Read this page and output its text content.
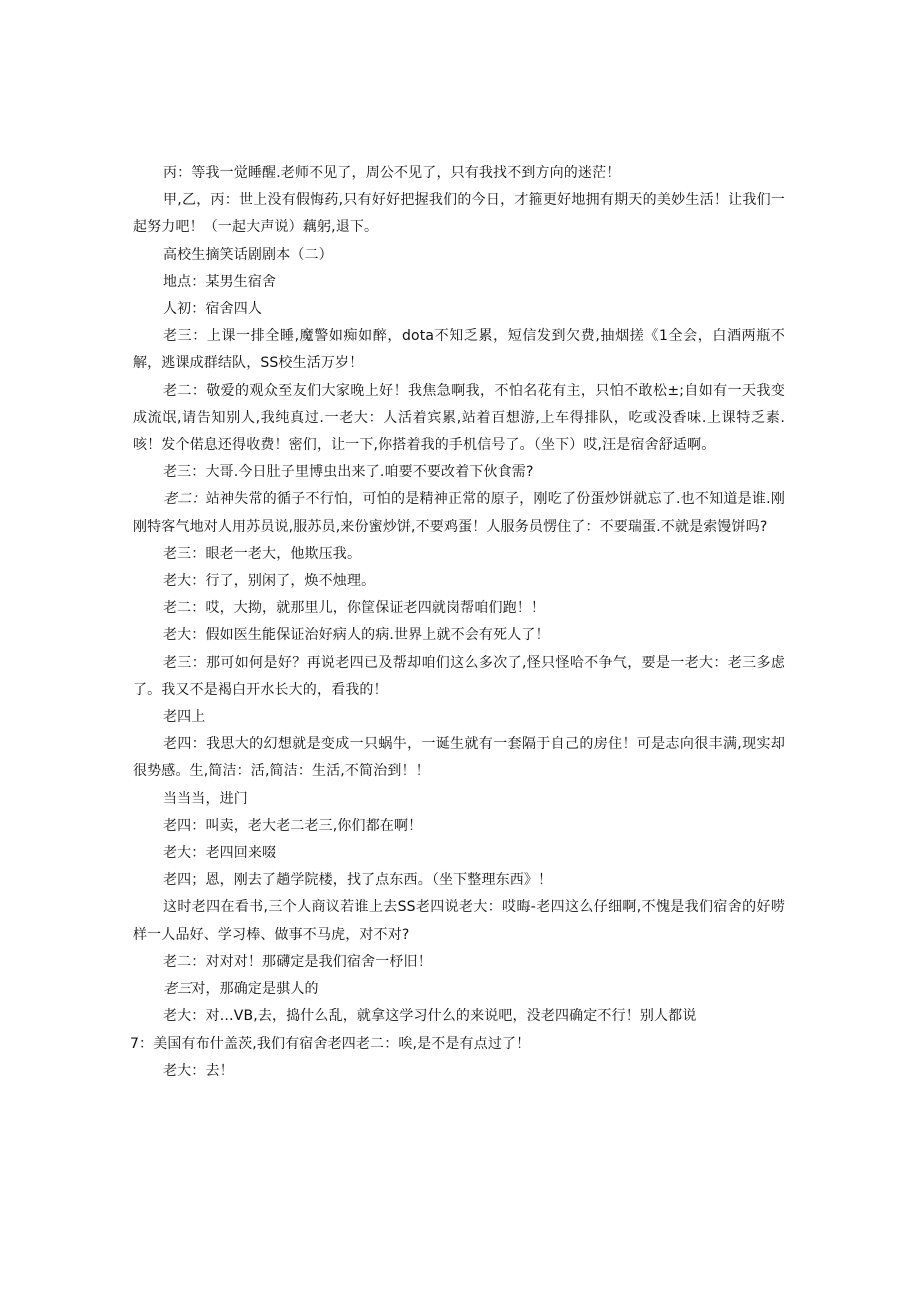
丙：等我一觉睡醒.老师不见了，周公不见了，只有我找不到方向的迷茫！

甲,乙，丙：世上没有假悔药,只有好好把握我们的今日，才箍更好地拥有期天的美妙生活！让我们一起努力吧！（一起大声说）藕躬,退下。

高校生摘笑话剧剧本（二）

地点：某男生宿舍

人初：宿舍四人

老三：上课一排全睡,魔警如痴如醉，dota不知乏累，短信发到欠费,抽烟搓《1全会，白酒两瓶不解，逃课成群结队，SS校生活万岁！

老二：敬爱的观众至友们大家晚上好！我焦急啊我，不怕名花有主，只怕不敢松±;自如有一天我变成流氓,请告知别人,我纯真过.一老大：人活着宾累,站着百想游,上车得排队，吃或没香味.上课特乏素.咳！发个偌息还得收费！密们，让一下,你搭着我的手机信号了。（坐下）哎,汪是宿舍舒适啊。

老三：大哥.今日肚子里博虫出来了.咱要不要改着下伙食需?

老二：站神失常的循子不行怕，可怕的是精神正常的原子，刚吃了份蛋炒饼就忘了.也不知道是谁.刚刚特客气地对人用苏员说,服苏员,来份蜜炒饼,不要鸡蛋！人服务员愣住了：不要瑞蛋.不就是索馒饼吗?

老三：眼老一老大，他欺压我。

老大：行了，别闲了，焕不烛理。

老二：哎，大拗，就那里儿，你筐保证老四就岗帮咱们跑！！

老大：假如医生能保证治好病人的病.世界上就不会有死人了！

老三：那可如何是好？再说老四已及帮却咱们这么多次了,怪只怪哈不争气，要是一老大：老三多虑了。我又不是褐白开水长大的，看我的！

老四上

老四：我思大的幻想就是变成一只蜗牛，一诞生就有一套隔于自己的房住！可是志向很丰满,现实却很势感。生,简洁：活,简洁：生活,不简治到！！

当当当，进门

老四：叫卖，老大老二老三,你们都在啊！

老大：老四回来啜

老四；恩，刚去了趟学院楼，找了点东西。（坐下整理东西》！

这时老四在看书,三个人商议若谁上去SS老四说老大：哎晦-老四这么仔细啊,不愧是我们宿舍的好唠样一人品好、学习棒、做事不马虎，对不对?

老二：对对对！那礴定是我们宿舍一杼旧！

老三对，那确定是骐人的

老大：对…VB,去，捣什么乱，就拿这学习什么的来说吧，没老四确定不行！别人都说

7：美国有布什盖茨,我们有宿舍老四老二：唉,是不是有点过了！

老大：去！
